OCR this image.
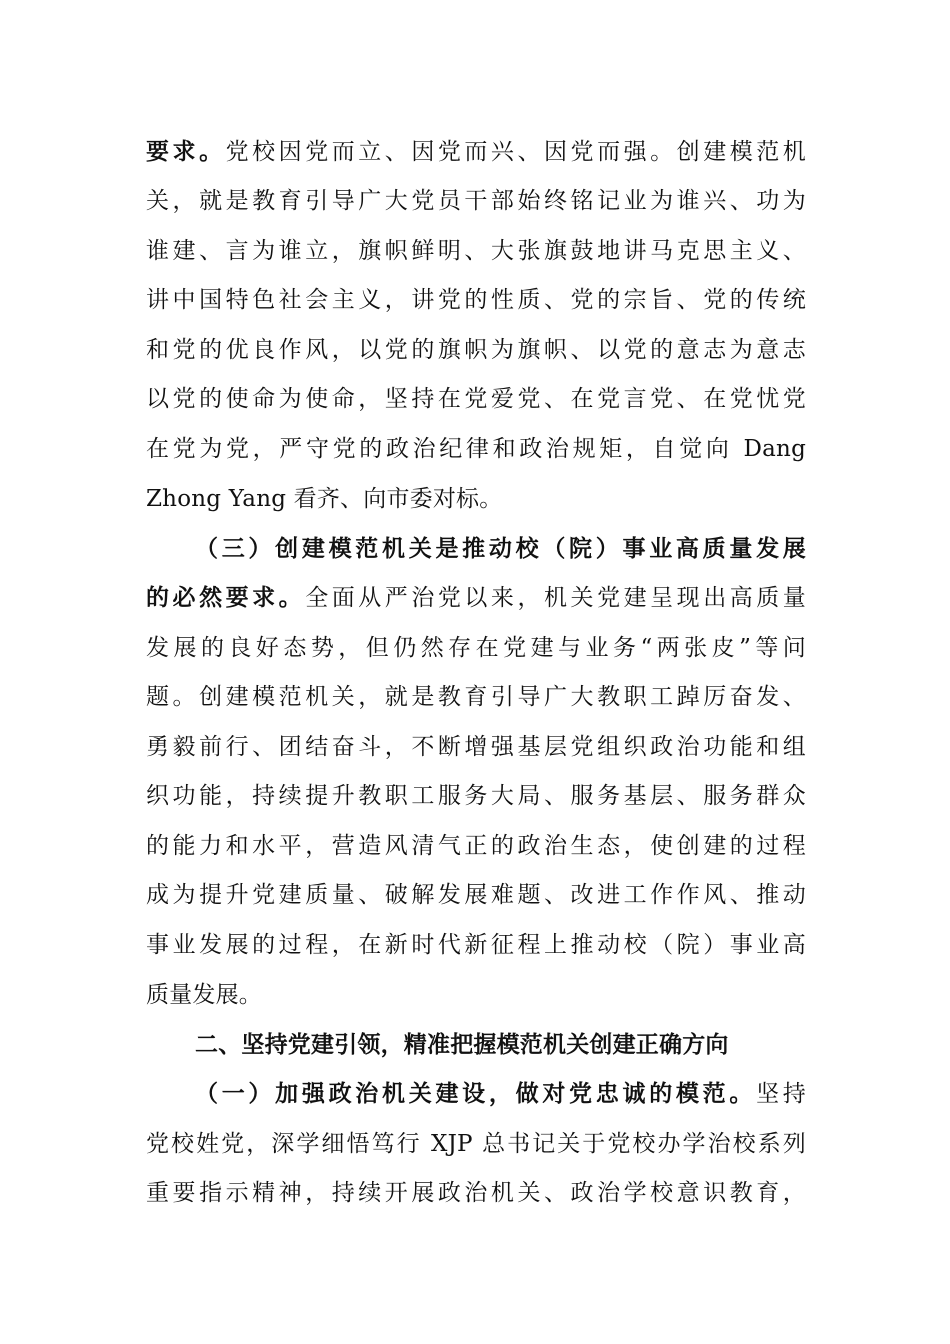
要求。党校因党而立、因党而兴、因党而强。创建模范机
关，就是教育引导广大党员干部始终铭记业为谁兴、功为
谁建、言为谁立，旗帜鲜明、大张旗鼓地讲马克思主义、
讲中国特色社会主义，讲党的性质、党的宗旨、党的传统
和党的优良作风，以党的旗帜为旗帜、以党的意志为意志
以党的使命为使命，坚持在党爱党、在党言党、在党忧党
在党为党，严守党的政治纪律和政治规矩，自觉向 Dang
Zhong Yang 看齐、向市委对标。
（三）创建模范机关是推动校（院）事业高质量发展
的必然要求。全面从严治党以来，机关党建呈现出高质量
发展的良好态势，但仍然存在党建与业务“两张皮”等问
题。创建模范机关，就是教育引导广大教职工踔厉奋发、
勇毅前行、团结奋斗，不断增强基层党组织政治功能和组
织功能，持续提升教职工服务大局、服务基层、服务群众
的能力和水平，营造风清气正的政治生态，使创建的过程
成为提升党建质量、破解发展难题、改进工作作风、推动
事业发展的过程，在新时代新征程上推动校（院）事业高
质量发展。
二、坚持党建引领，精准把握模范机关创建正确方向
（一）加强政治机关建设，做对党忠诚的模范。坚持
党校姓党，深学细悟笃行 XJP 总书记关于党校办学治校系列
重要指示精神，持续开展政治机关、政治学校意识教育，
